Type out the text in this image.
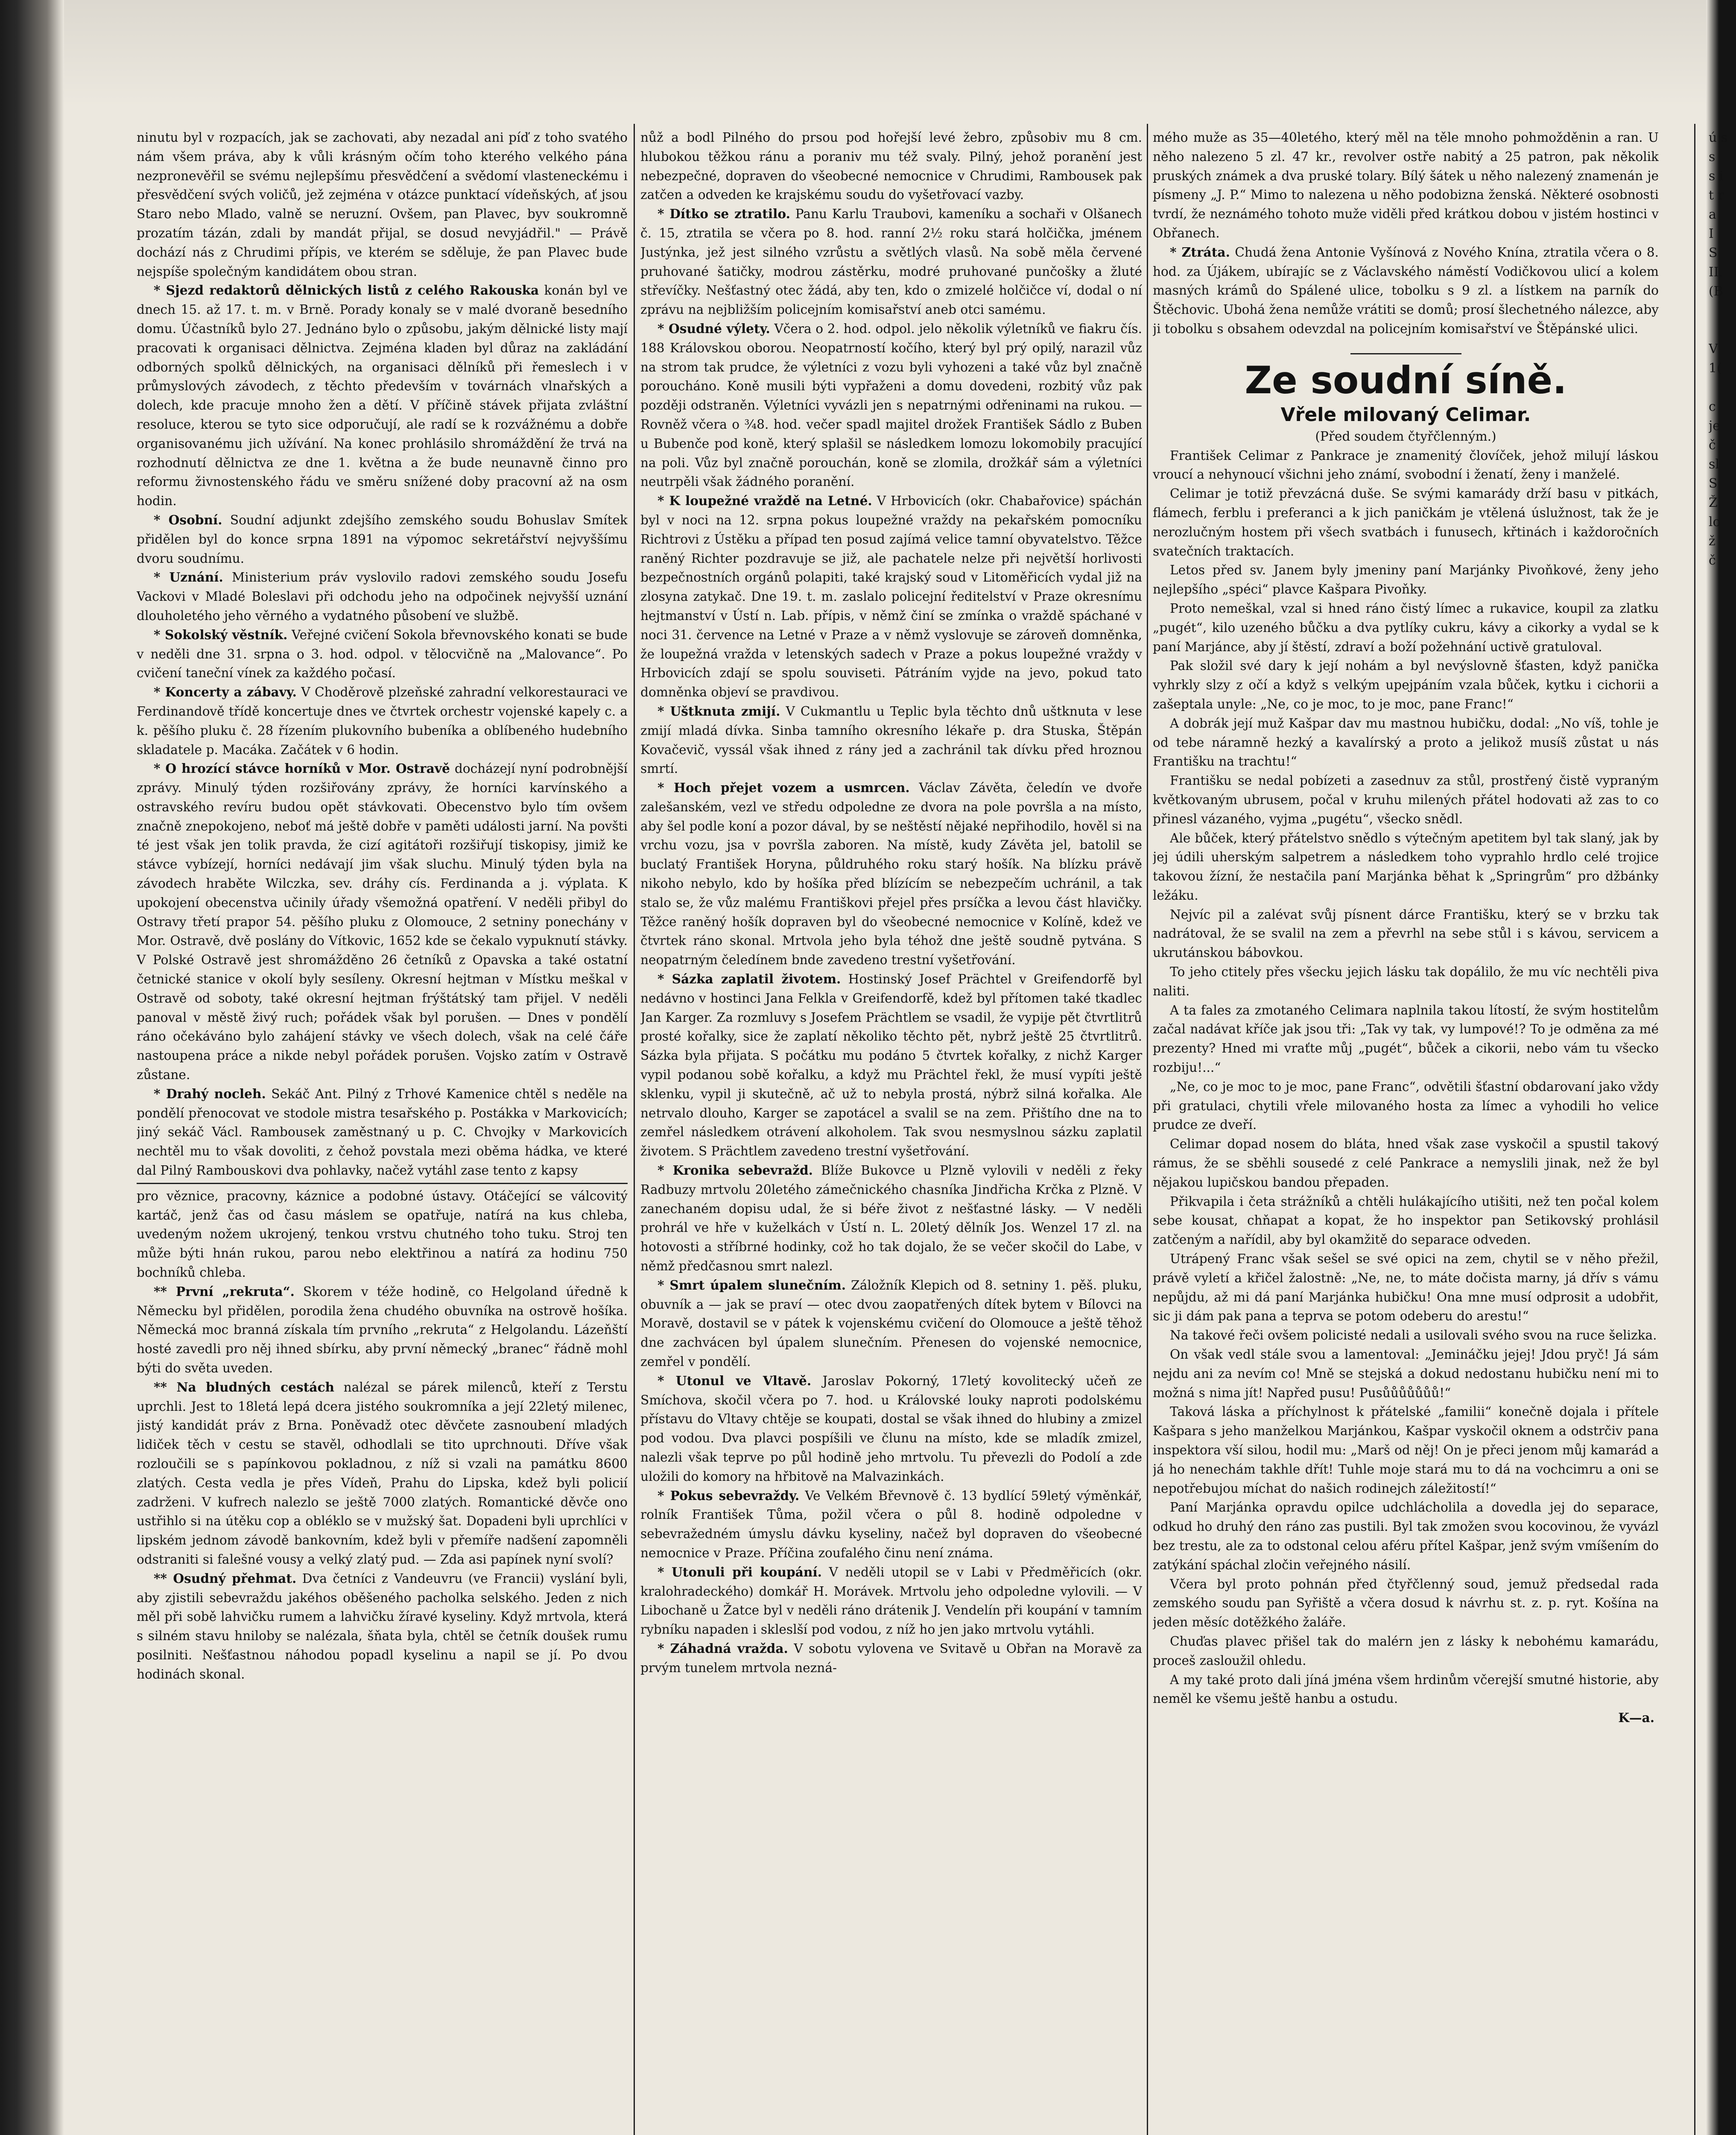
ninutu byl v rozpacích, jak se zachovati, aby nezadal ani píď z toho svatého nám všem práva, aby k vůli krásným očím toho kterého velkého pána nezpronevěřil se svému nejlepšímu přesvědčení a svědomí vlasteneckému i přesvědčení svých voličů, jež zejména v otázce punktací vídeňských, ať jsou Staro nebo Mlado, valně se neruzní. Ovšem, pan Plavec, byv soukromně prozatím tázán, zdali by mandát přijal, se dosud nevyjádřil." — Právě dochází nás z Chrudimi přípis, ve kterém se sděluje, že pan Plavec bude nejspíše společným kandidátem obou stran.

* Sjezd redaktorů dělnických listů z celého Rakouska konán byl ve dnech 15. až 17. t. m. v Brně. Porady konaly se v malé dvoraně besedního domu. Účastníků bylo 27. Jednáno bylo o způsobu, jakým dělnické listy mají pracovati k organisaci dělnictva. Zejména kladen byl důraz na zakládání odborných spolků dělnických, na organisaci dělníků při řemeslech i v průmyslových závodech, z těchto především v továrnách vlnařských a dolech, kde pracuje mnoho žen a dětí. V příčině stávek přijata zvláštní resoluce, kterou se tyto sice odporučují, ale radí se k rozvážnému a dobře organisovanému jich užívání. Na konec prohlásilo shromáždění že trvá na rozhodnutí dělnictva ze dne 1. května a že bude neunavně činno pro reformu živnostenského řádu ve směru snížené doby pracovní až na osm hodin.

* Osobní. Soudní adjunkt zdejšího zemského soudu Bohuslav Smítek přidělen byl do konce srpna 1891 na výpomoc sekretářství nejvyššímu dvoru soudnímu.

* Uznání. Ministerium práv vyslovilo radovi zemského soudu Josefu Vackovi v Mladé Boleslavi při odchodu jeho na odpočinek nejvyšší uznání dlouholetého jeho věrného a vydatného působení ve službě.

* Sokolský věstník. Veřejné cvičení Sokola břevnovského konati se bude v neděli dne 31. srpna o 3. hod. odpol. v tělocvičně na „Malovance“. Po cvičení taneční vínek za každého počasí.

* Koncerty a zábavy. V Choděrově plzeňské zahradní velkorestauraci ve Ferdinandově třídě koncertuje dnes ve čtvrtek orchestr vojenské kapely c. a k. pěšího pluku č. 28 řízením plukovního bubeníka a oblíbeného hudebního skladatele p. Macáka. Začátek v 6 hodin.

* O hrozící stávce horníků v Mor. Ostravě docházejí nyní podrobnější zprávy. Minulý týden rozšiřovány zprávy, že horníci karvínského a ostravského revíru budou opět stávkovati. Obecenstvo bylo tím ovšem značně znepokojeno, neboť má ještě dobře v paměti události jarní. Na povšti té jest však jen tolik pravda, že cizí agitátoři rozšiřují tiskopisy, jimiž ke stávce vybízejí, horníci nedávají jim však sluchu. Minulý týden byla na závodech hraběte Wilczka, sev. dráhy cís. Ferdinanda a j. výplata. K upokojení obecenstva učinily úřady všemožná opatření. V neděli přibyl do Ostravy třetí prapor 54. pěšího pluku z Olomouce, 2 setniny ponechány v Mor. Ostravě, dvě poslány do Vítkovic, 1652 kde se čekalo vypuknutí stávky. V Polské Ostravě jest shromážděno 26 četníků z Opavska a také ostatní četnické stanice v okolí byly sesíleny. Okresní hejtman v Místku meškal v Ostravě od soboty, také okresní hejtman frýštátský tam přijel. V neděli panoval v městě živý ruch; pořádek však byl porušen. — Dnes v pondělí ráno očekáváno bylo zahájení stávky ve všech dolech, však na celé čáře nastoupena práce a nikde nebyl pořádek porušen. Vojsko zatím v Ostravě zůstane.

* Drahý nocleh. Sekáč Ant. Pilný z Trhové Kamenice chtěl s neděle na pondělí přenocovat ve stodole mistra tesařského p. Postákka v Markovicích; jiný sekáč Václ. Rambousek zaměstnaný u p. C. Chvojky v Markovicích nechtěl mu to však dovoliti, z čehož povstala mezi oběma hádka, ve které dal Pilný Rambouskovi dva pohlavky, načež vytáhl zase tento z kapsy

pro věznice, pracovny, káznice a podobné ústavy. Otáčející se válcovitý kartáč, jenž čas od času máslem se opatřuje, natírá na kus chleba, uvedeným nožem ukrojený, tenkou vrstvu chutného toho tuku. Stroj ten může býti hnán rukou, parou nebo elektřinou a natírá za hodinu 750 bochníků chleba.

** První „rekruta“. Skorem v téže hodině, co Helgoland úředně k Německu byl přidělen, porodila žena chudého obuvníka na ostrově hošíka. Německá moc branná získala tím prvního „rekruta“ z Helgolandu. Lázeňští hosté zavedli pro něj ihned sbírku, aby první německý „branec“ řádně mohl býti do světa uveden.

** Na bludných cestách nalézal se párek milenců, kteří z Terstu uprchli. Jest to 18letá lepá dcera jistého soukromníka a její 22letý milenec, jistý kandidát práv z Brna. Poněvadž otec děvčete zasnoubení mladých lidiček těch v cestu se stavěl, odhodlali se tito uprchnouti. Dříve však rozloučili se s papínkovou pokladnou, z níž si vzali na památku 8600 zlatých. Cesta vedla je přes Vídeň, Prahu do Lipska, kdež byli policií zadrženi. V kufrech nalezlo se ještě 7000 zlatých. Romantické děvče ono ustřihlo si na útěku cop a obléklo se v mužský šat. Dopadeni byli uprchlíci v lipském jednom závodě bankovním, kdež byli v přemíře nadšení zapomněli odstraniti si falešné vousy a velký zlatý pud. — Zda asi papínek nyní svolí?

** Osudný přehmat. Dva četníci z Vandeuvru (ve Francii) vyslání byli, aby zjistili sebevraždu jakéhos oběšeného pacholka selského. Jeden z nich měl při sobě lahvičku rumem a lahvičku žíravé kyseliny. Když mrtvola, která s silném stavu hniloby se nalézala, šňata byla, chtěl se četník doušek rumu posilniti. Nešťastnou náhodou popadl kyselinu a napil se jí. Po dvou hodinách skonal.

nůž a bodl Pilného do prsou pod hořejší levé žebro, způsobiv mu 8 cm. hlubokou těžkou ránu a poraniv mu též svaly. Pilný, jehož poranění jest nebezpečné, dopraven do všeobecné nemocnice v Chrudimi, Rambousek pak zatčen a odveden ke krajskému soudu do vyšetřovací vazby.

* Dítko se ztratilo. Panu Karlu Traubovi, kameníku a sochaři v Olšanech č. 15, ztratila se včera po 8. hod. ranní 2½ roku stará holčička, jménem Justýnka, jež jest silného vzrůstu a světlých vlasů. Na sobě měla červené pruhované šatičky, modrou zástěrku, modré pruhované punčošky a žluté střevíčky. Nešťastný otec žádá, aby ten, kdo o zmizelé holčičce ví, dodal o ní zprávu na nejbližším policejním komisařství aneb otci samému.

* Osudné výlety. Včera o 2. hod. odpol. jelo několik výletníků ve fiakru čís. 188 Královskou oborou. Neopatrností kočího, který byl prý opilý, narazil vůz na strom tak prudce, že výletníci z vozu byli vyhozeni a také vůz byl značně poroucháno. Koně musili býti vypřaženi a domu dovedeni, rozbitý vůz pak později odstraněn. Výletníci vyvázli jen s nepatrnými odřeninami na rukou. — Rovněž včera o ¾8. hod. večer spadl majitel drožek František Sádlo z Buben u Bubenče pod koně, který splašil se následkem lomozu lokomobily pracující na poli. Vůz byl značně porouchán, koně se zlomila, drožkář sám a výletníci neutrpěli však žádného poranění.

* K loupežné vraždě na Letné. V Hrbovicích (okr. Chabařovice) spáchán byl v noci na 12. srpna pokus loupežné vraždy na pekařském pomocníku Richtrovi z Ústěku a případ ten posud zajímá velice tamní obyvatelstvo. Těžce raněný Richter pozdravuje se již, ale pachatele nelze při největší horlivosti bezpečnostních orgánů polapiti, také krajský soud v Litoměřicích vydal již na zlosyna zatykač. Dne 19. t. m. zaslalo policejní ředitelství v Praze okresnímu hejtmanství v Ústí n. Lab. přípis, v němž činí se zmínka o vraždě spáchané v noci 31. července na Letné v Praze a v němž vyslovuje se zároveň domněnka, že loupežná vražda v letenských sadech v Praze a pokus loupežné vraždy v Hrbovicích zdají se spolu souviseti. Pátráním vyjde na jevo, pokud tato domněnka objeví se pravdivou.

* Uštknuta zmijí. V Cukmantlu u Teplic byla těchto dnů uštknuta v lese zmijí mladá dívka. Sinba tamního okresního lékaře p. dra Stuska, Štěpán Kovačevič, vyssál však ihned z rány jed a zachránil tak dívku před hroznou smrtí.

* Hoch přejet vozem a usmrcen. Václav Závěta, čeledín ve dvoře zalešanském, vezl ve středu odpoledne ze dvora na pole površla a na místo, aby šel podle koní a pozor dával, by se neštěstí nějaké nepřihodilo, hověl si na vrchu vozu, jsa v površla zaboren. Na místě, kudy Závěta jel, batolil se buclatý František Horyna, půldruhého roku starý hošík. Na blízku právě nikoho nebylo, kdo by hošíka před blízícím se nebezpečím uchránil, a tak stalo se, že vůz malému Františkovi přejel přes prsíčka a levou část hlavičky. Těžce raněný hošík dopraven byl do všeobecné nemocnice v Kolíně, kdež ve čtvrtek ráno skonal. Mrtvola jeho byla téhož dne ještě soudně pytvána. S neopatrným čeledínem bnde zavedeno trestní vyšetřování.

* Sázka zaplatil životem. Hostinský Josef Prächtel v Greifendorfě byl nedávno v hostinci Jana Felkla v Greifendorfě, kdež byl přítomen také tkadlec Jan Karger. Za rozmluvy s Josefem Prächtlem se vsadil, že vypije pět čtvrtlitrů prosté kořalky, sice že zaplatí několiko těchto pět, nybrž ještě 25 čtvrtlitrů. Sázka byla přijata. S počátku mu podáno 5 čtvrtek kořalky, z nichž Karger vypil podanou sobě kořalku, a když mu Prächtel řekl, že musí vypíti ještě sklenku, vypil ji skutečně, ač už to nebyla prostá, nýbrž silná kořalka. Ale netrvalo dlouho, Karger se zapotácel a svalil se na zem. Přištího dne na to zemřel následkem otrávení alkoholem. Tak svou nesmyslnou sázku zaplatil životem. S Prächtlem zavedeno trestní vyšetřování.

* Kronika sebevražd. Blíže Bukovce u Plzně vylovili v neděli z řeky Radbuzy mrtvolu 20letého zámečnického chasníka Jindřicha Krčka z Plzně. V zanechaném dopisu udal, že si béře život z nešťastné lásky. — V neděli prohrál ve hře v kuželkách v Ústí n. L. 20letý dělník Jos. Wenzel 17 zl. na hotovosti a stříbrné hodinky, což ho tak dojalo, že se večer skočil do Labe, v němž předčasnou smrt nalezl.

* Smrt úpalem slunečním. Záložník Klepich od 8. setniny 1. pěš. pluku, obuvník a — jak se praví — otec dvou zaopatřených dítek bytem v Bílovci na Moravě, dostavil se v pátek k vojenskému cvičení do Olomouce a ještě těhož dne zachvácen byl úpalem slunečním. Přenesen do vojenské nemocnice, zemřel v pondělí.

* Utonul ve Vltavě. Jaroslav Pokorný, 17letý kovolitecký učeň ze Smíchova, skočil včera po 7. hod. u Královské louky naproti podolskému přístavu do Vltavy chtěje se koupati, dostal se však ihned do hlubiny a zmizel pod vodou. Dva plavci pospíšili ve člunu na místo, kde se mladík zmizel, nalezli však teprve po půl hodině jeho mrtvolu. Tu převezli do Podolí a zde uložili do komory na hřbitově na Malvazinkách.

* Pokus sebevraždy. Ve Velkém Břevnově č. 13 bydlící 59letý výměnkář, rolník František Tůma, požil včera o půl 8. hodině odpoledne v sebevražedném úmyslu dávku kyseliny, načež byl dopraven do všeobecné nemocnice v Praze. Příčina zoufalého činu není známa.

* Utonuli při koupání. V neděli utopil se v Labi v Předměřicích (okr. kralohradeckého) domkář H. Morávek. Mrtvolu jeho odpoledne vylovili. — V Libochaně u Žatce byl v neděli ráno drátenik J. Vendelín při koupání v tamním rybníku napaden i skleslší pod vodou, z níž ho jen jako mrtvolu vytáhli.

* Záhadná vražda. V sobotu vylovena ve Svitavě u Obřan na Moravě za prvým tunelem mrtvola nezná-

mého muže as 35—40letého, který měl na těle mnoho pohmožděnin a ran. U něho nalezeno 5 zl. 47 kr., revolver ostře nabitý a 25 patron, pak několik pruských známek a dva pruské tolary. Bílý šátek u něho nalezený znamenán je písmeny „J. P.“ Mimo to nalezena u něho podobizna ženská. Některé osobnosti tvrdí, že neznámého tohoto muže viděli před krátkou dobou v jistém hostinci v Obřanech.

* Ztráta. Chudá žena Antonie Vyšínová z Nového Knína, ztratila včera o 8. hod. za Újákem, ubírajíc se z Václavského náměstí Vodičkovou ulicí a kolem masných krámů do Spálené ulice, tobolku s 9 zl. a lístkem na parník do Štěchovic. Ubohá žena nemůže vrátiti se domů; prosí šlechetného nálezce, aby ji tobolku s obsahem odevzdal na policejním komisařství ve Štěpánské ulici.

Ze soudní síně.

Vřele milovaný Celimar.

(Před soudem čtyřčlenným.)

František Celimar z Pankrace je znamenitý človíček, jehož milují láskou vroucí a nehynoucí všichni jeho známí, svobodní i ženatí, ženy i manželé.

Celimar je totiž převzácná duše. Se svými kamarády drží basu v pitkách, flámech, ferblu i preferanci a k jich paničkám je vtělená úslužnost, tak že je nerozlučným hostem při všech svatbách i funusech, křtinách i každoročních svatečních traktacích.

Letos před sv. Janem byly jmeniny paní Marjánky Pivoňkové, ženy jeho nejlepšího „spéci“ plavce Kašpara Pivoňky.

Proto nemeškal, vzal si hned ráno čistý límec a rukavice, koupil za zlatku „pugét“, kilo uzeného bůčku a dva pytlíky cukru, kávy a cikorky a vydal se k paní Marjánce, aby jí štěstí, zdraví a boží požehnání uctivě gratuloval.

Pak složil své dary k její nohám a byl nevýslovně šťasten, když panička vyhrkly slzy z očí a když s velkým upejpáním vzala bůček, kytku i cichorii a zašeptala unyle: „Ne, co je moc, to je moc, pane Franc!“

A dobrák její muž Kašpar dav mu mastnou hubičku, dodal: „No víš, tohle je od tebe náramně hezký a kavalírský a proto a jelikož musíš zůstat u nás Františku na trachtu!“

Františku se nedal pobízeti a zasednuv za stůl, prostřený čistě vypraným květkovaným ubrusem, počal v kruhu milených přátel hodovati až zas to co přinesl vázaného, vyjma „pugétu“, všecko snědl.

Ale bůček, který přátelstvo snědlo s výtečným apetitem byl tak slaný, jak by jej údili uherským salpetrem a následkem toho vyprahlo hrdlo celé trojice takovou žízní, že nestačila paní Marjánka běhat k „Springrům“ pro džbánky ležáku.

Nejvíc pil a zalévat svůj písnent dárce Františku, který se v brzku tak nadrátoval, že se svalil na zem a převrhl na sebe stůl i s kávou, servicem a ukrutánskou bábovkou.

To jeho ctitely přes všecku jejich lásku tak dopálilo, že mu víc nechtěli piva naliti.

A ta fales za zmotaného Celimara naplnila takou lítostí, že svým hostitelům začal nadávat kříče jak jsou tři: „Tak vy tak, vy lumpové!? To je odměna za mé prezenty? Hned mi vraťte můj „pugét“, bůček a cikorii, nebo vám tu všecko rozbiju!...“

„Ne, co je moc to je moc, pane Franc“, odvětili šťastní obdarovaní jako vždy při gratulaci, chytili vřele milovaného hosta za límec a vyhodili ho velice prudce ze dveří.

Celimar dopad nosem do bláta, hned však zase vyskočil a spustil takový rámus, že se sběhli sousedé z celé Pankrace a nemyslili jinak, než že byl nějakou lupičskou bandou přepaden.

Přikvapila i četa strážníků a chtěli hulákajícího utišiti, než ten počal kolem sebe kousat, chňapat a kopat, že ho inspektor pan Setikovský prohlásil zatčeným a nařídil, aby byl okamžitě do separace odveden.

Utrápený Franc však sešel se své opici na zem, chytil se v něho přežil, právě vyletí a křičel žalostně: „Ne, ne, to máte dočista marny, já dřív s vámu nepůjdu, až mi dá paní Marjánka hubičku! Ona mne musí odprosit a udobřit, sic ji dám pak pana a teprva se potom odeberu do arestu!“

Na takové řeči ovšem policisté nedali a usilovali svého svou na ruce šelizka.

On však vedl stále svou a lamentoval: „Jemináčku jejej! Jdou pryč! Já sám nejdu ani za nevím co! Mně se stejská a dokud nedostanu hubičku není mi to možná s nima jít! Napřed pusu! Pusůůůůůůů!“

Taková láska a příchylnost k přátelské „familii“ konečně dojala i přítele Kašpara s jeho manželkou Marjánkou, Kašpar vyskočil oknem a odstrčiv pana inspektora vší silou, hodil mu: „Marš od něj! On je přeci jenom můj kamarád a já ho nenechám takhle dřít! Tuhle moje stará mu to dá na vochcimru a oni se nepotřebujou míchat do našich rodinejch záležitostí!“

Paní Marjánka opravdu opilce udchlácholila a dovedla jej do separace, odkud ho druhý den ráno zas pustili. Byl tak zmožen svou kocovinou, že vyvázl bez trestu, ale za to odstonal celou aféru přítel Kašpar, jenž svým vmíšením do zatýkání spáchal zločin veřejného násilí.

Včera byl proto pohnán před čtyřčlenný soud, jemuž předsedal rada zemského soudu pan Syřiště a včera dosud k návrhu st. z. p. ryt. Košína na jeden měsíc dotěžkého žaláře.

Chuďas plavec přišel tak do malérn jen z lásky k nebohému kamarádu, proceš zasloužil ohledu.

A my také proto dali jíná jména všem hrdinům včerejší smutné historie, aby neměl ke všemu ještě hanbu a ostudu.

K—a.

ú s
s
s i
t r
a
I
S
II.
(B
V
1(
c
je
č
sl
S
Ž
lo
ž
č
